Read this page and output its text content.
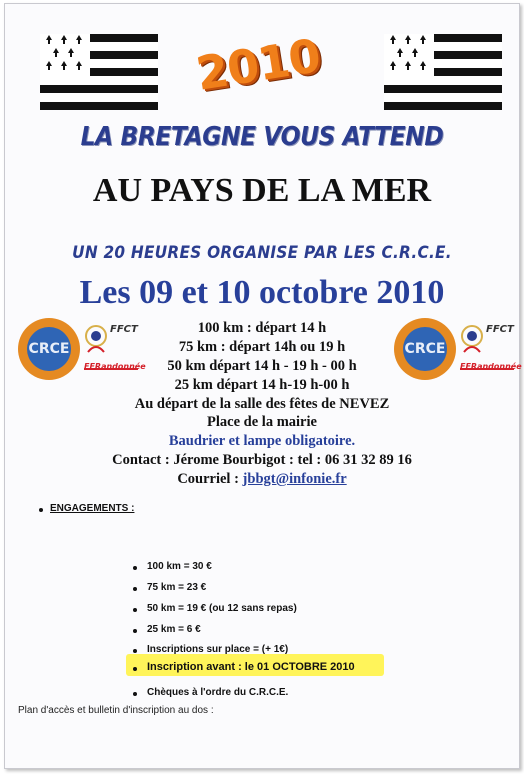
2010
LA BRETAGNE VOUS ATTEND
AU PAYS DE LA MER
UN 20 HEURES ORGANISE PAR LES C.R.C.E.
Les 09 et 10 octobre 2010
CRCE
FFCT
FFRandonnée
CRCE
FFCT
FFRandonnée
100 km : départ 14 h
75 km : départ 14h ou 19 h
50 km départ 14 h - 19 h - 00 h
25 km départ 14 h-19 h-00 h
Au départ de la salle des fêtes de NEVEZ
Place de la mairie
Baudrier et lampe obligatoire.
Contact : Jérome Bourbigot : tel : 06 31 32 89 16
Courriel : jbbgt@infonie.fr
ENGAGEMENTS :
100 km = 30 €
75 km = 23 €
50 km = 19 € (ou 12 sans repas)
25 km = 6 €
Inscriptions sur place = (+ 1€)
Inscription avant : le 01 OCTOBRE 2010
Chèques à l'ordre du C.R.C.E.
Plan d'accès et bulletin d'inscription au dos :
